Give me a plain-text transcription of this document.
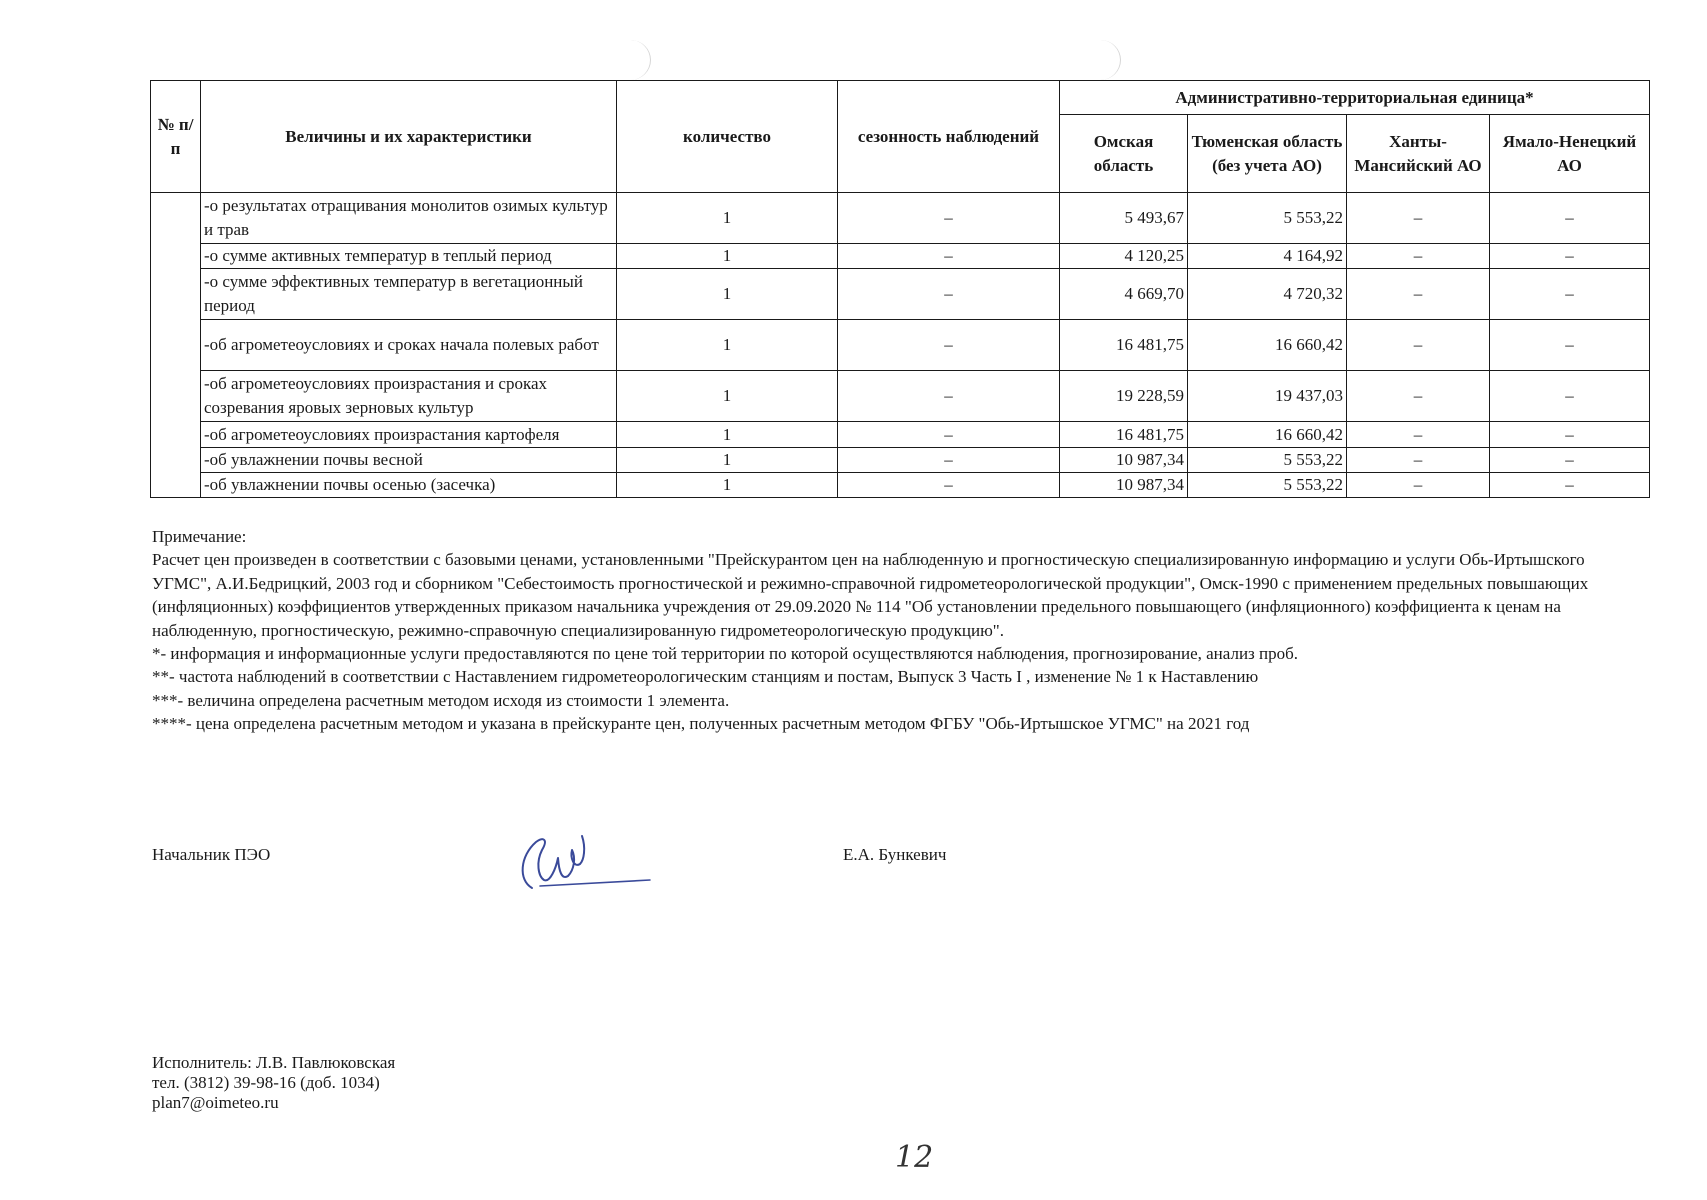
№ п/п	Величины и их характеристики	количество	сезонность наблюдений	Административно-территориальная единица*			
				Омская область	Тюменская область (без учета АО)	Ханты-Мансийский АО	Ямало-Ненецкий АО
	-о результатах отращивания монолитов озимых культур и трав	1	–	5 493,67	5 553,22	–	–
	-о сумме активных температур в теплый период	1	–	4 120,25	4 164,92	–	–
	-о сумме эффективных температур в вегетационный период	1	–	4 669,70	4 720,32	–	–
	-об агрометеоусловиях и сроках начала полевых работ	1	–	16 481,75	16 660,42	–	–
	-об агрометеоусловиях произрастания и сроках созревания яровых зерновых культур	1	–	19 228,59	19 437,03	–	–
	-об агрометеоусловиях произрастания картофеля	1	–	16 481,75	16 660,42	–	–
	-об увлажнении почвы весной	1	–	10 987,34	5 553,22	–	–
	-об увлажнении почвы осенью (засечка)	1	–	10 987,34	5 553,22	–	–

Примечание:

Расчет цен произведен в соответствии с базовыми ценами, установленными "Прейскурантом цен на наблюденную и прогностическую специализированную информацию и услуги Обь-Иртышского УГМС", А.И.Бедрицкий, 2003 год и сборником "Себестоимость прогностической и режимно-справочной гидрометеорологической продукции", Омск-1990 с применением предельных повышающих (инфляционных) коэффициентов утвержденных приказом начальника учреждения от 29.09.2020 № 114 "Об установлении предельного повышающего (инфляционного) коэффициента к ценам на наблюденную, прогностическую, режимно-справочную специализированную гидрометеорологическую продукцию".

*- информация и информационные услуги предоставляются по цене той территории по которой осуществляются наблюдения, прогнозирование, анализ проб.

**- частота наблюдений в соответствии с Наставлением гидрометеорологическим станциям и постам, Выпуск 3 Часть I , изменение № 1 к Наставлению

***- величина определена расчетным методом исходя из стоимости 1 элемента.

****- цена определена расчетным методом и указана в прейскуранте цен, полученных расчетным методом ФГБУ "Обь-Иртышское УГМС" на 2021 год

Начальник ПЭО	Е.А. Бункевич
Исполнитель: Л.В. Павлюковская
тел. (3812) 39-98-16 (доб. 1034)
plan7@oimeteo.ru
12
